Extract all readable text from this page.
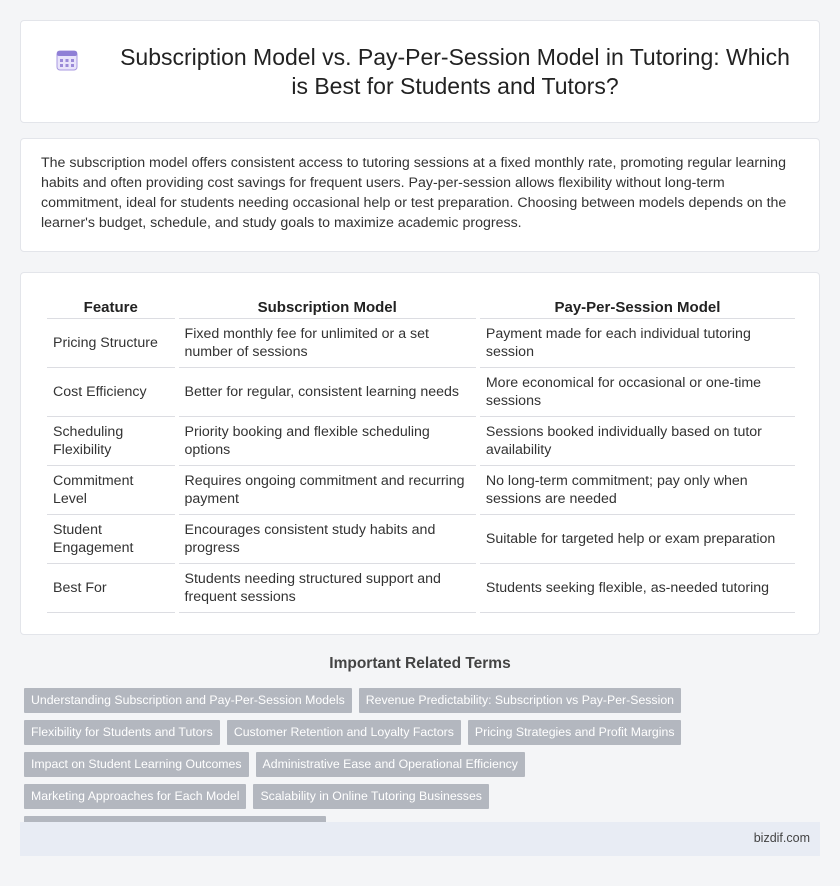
Subscription Model vs. Pay-Per-Session Model in Tutoring: Which is Best for Students and Tutors?

The subscription model offers consistent access to tutoring sessions at a fixed monthly rate, promoting regular learning habits and often providing cost savings for frequent users. Pay-per-session allows flexibility without long-term commitment, ideal for students needing occasional help or test preparation. Choosing between models depends on the learner's budget, schedule, and study goals to maximize academic progress.

Feature	Subscription Model	Pay-Per-Session Model
Pricing Structure	Fixed monthly fee for unlimited or a set number of sessions	Payment made for each individual tutoring session
Cost Efficiency	Better for regular, consistent learning needs	More economical for occasional or one-time sessions
Scheduling Flexibility	Priority booking and flexible scheduling options	Sessions booked individually based on tutor availability
Commitment Level	Requires ongoing commitment and recurring payment	No long-term commitment; pay only when sessions are needed
Student Engagement	Encourages consistent study habits and progress	Suitable for targeted help or exam preparation
Best For	Students needing structured support and frequent sessions	Students seeking flexible, as-needed tutoring
Important Related Terms
Understanding Subscription and Pay-Per-Session Models	Revenue Predictability: Subscription vs Pay-Per-Session
Flexibility for Students and Tutors	Customer Retention and Loyalty Factors	Pricing Strategies and Profit Margins
Impact on Student Learning Outcomes	Administrative Ease and Operational Efficiency
Marketing Approaches for Each Model	Scalability in Online Tutoring Businesses
bizdif.com
